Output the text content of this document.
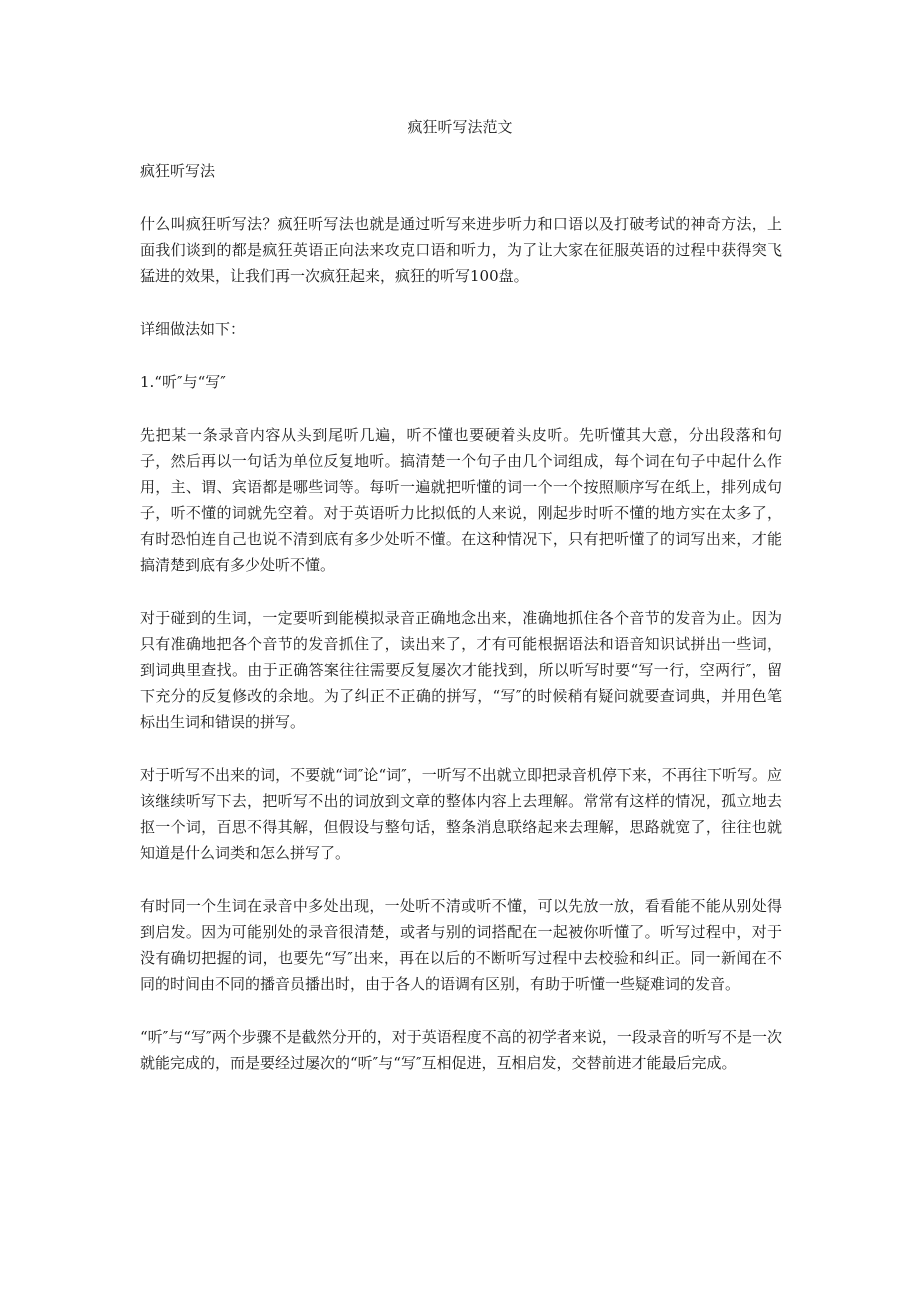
疯狂听写法范文

疯狂听写法

什么叫疯狂听写法？疯狂听写法也就是通过听写来进步听力和口语以及打破考试的神奇方法，上面我们谈到的都是疯狂英语正向法来攻克口语和听力，为了让大家在征服英语的过程中获得突飞猛进的效果，让我们再一次疯狂起来，疯狂的听写100盘。

详细做法如下：

1.“听″与“写″

先把某一条录音内容从头到尾听几遍，听不懂也要硬着头皮听。先听懂其大意，分出段落和句子，然后再以一句话为单位反复地听。搞清楚一个句子由几个词组成，每个词在句子中起什么作用，主、谓、宾语都是哪些词等。每听一遍就把听懂的词一个一个按照顺序写在纸上，排列成句子，听不懂的词就先空着。对于英语听力比拟低的人来说，刚起步时听不懂的地方实在太多了，有时恐怕连自己也说不清到底有多少处听不懂。在这种情况下，只有把听懂了的词写出来，才能搞清楚到底有多少处听不懂。

对于碰到的生词，一定要听到能模拟录音正确地念出来，准确地抓住各个音节的发音为止。因为只有准确地把各个音节的发音抓住了，读出来了，才有可能根据语法和语音知识试拼出一些词，到词典里查找。由于正确答案往往需要反复屡次才能找到，所以听写时要“写一行，空两行″，留下充分的反复修改的余地。为了纠正不正确的拼写，“写″的时候稍有疑问就要查词典，并用色笔标出生词和错误的拼写。

对于听写不出来的词，不要就“词″论“词″，一听写不出就立即把录音机停下来，不再往下听写。应该继续听写下去，把听写不出的词放到文章的整体内容上去理解。常常有这样的情况，孤立地去抠一个词，百思不得其解，但假设与整句话，整条消息联络起来去理解，思路就宽了，往往也就知道是什么词类和怎么拼写了。

有时同一个生词在录音中多处出现，一处听不清或听不懂，可以先放一放，看看能不能从别处得到启发。因为可能别处的录音很清楚，或者与别的词搭配在一起被你听懂了。听写过程中，对于没有确切把握的词，也要先“写″出来，再在以后的不断听写过程中去校验和纠正。同一新闻在不同的时间由不同的播音员播出时，由于各人的语调有区别，有助于听懂一些疑难词的发音。

“听″与“写″两个步骤不是截然分开的，对于英语程度不高的初学者来说，一段录音的听写不是一次就能完成的，而是要经过屡次的“听″与“写″互相促进，互相启发，交替前进才能最后完成。
